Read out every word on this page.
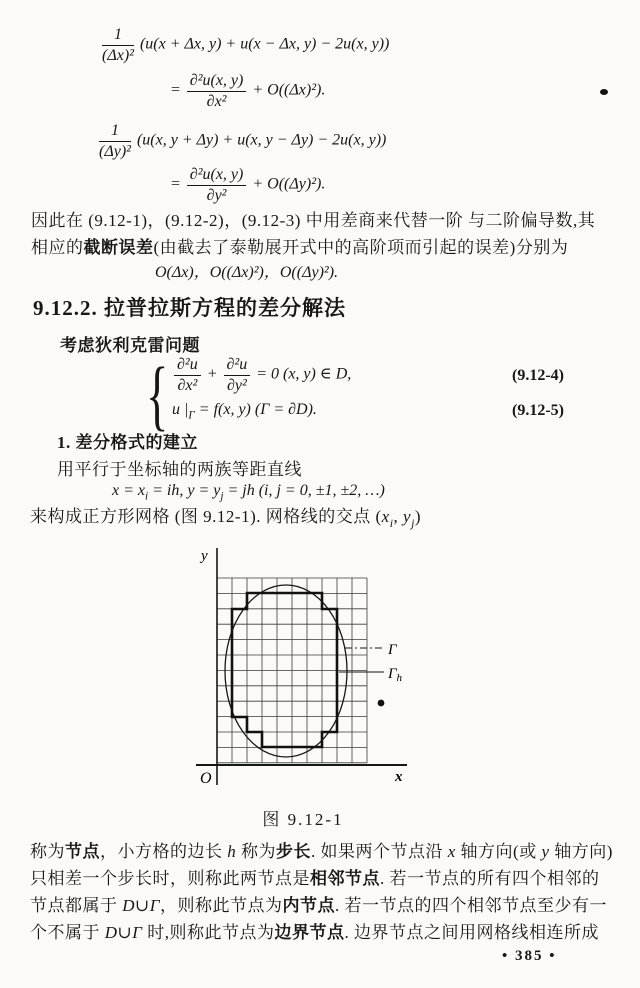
$\frac{1}{\text{(Δx)²}} (u(x + \Delta x$, y) + u(x − Δx, y) − 2u(x, y))
= $\frac{\text{∂²u(x, y)}}{\text{∂x²}} + O((\Delta x)^2)$.
$\frac{1}{\text{(Δy)²}} (u(x$, y + Δy) + u(x, y − Δy) − 2u(x, y))
= $\frac{\text{∂²u(x, y)}}{\text{∂y²}} + O((\Delta y)^2)$.
因此在 (9.12-1)，(9.12-2)，(9.12-3) 中用差商来代替一阶 与二阶偏导数,其
相应的截断误差(由截去了泰勒展开式中的高阶项而引起的误差)分别为
O(Δx)，O((Δx)²)，O((Δy)²).
9.12.2. 拉普拉斯方程的差分解法
考虑狄利克雷问题
{ $\frac{\text{∂²u}}{\text{∂x²}} + \frac{\text{∂²u}}{\text{∂y²}} = 0$ (x, y) ∈ D,	(9.12-4)
u $|_\Gamma = f(x$, y) (Γ = ∂D).	(9.12-5)
1. 差分格式的建立
用平行于坐标轴的两族等距直线
$x = x_i$ = ih, $y = y_j$ = jh (i, j = 0, ±1, ±2, …)
来构成正方形网格 (图 9.12-1). 网格线的交点 ($x_i$, $y_j$)
y
x
O
Γ
$\Gamma_h$
图 9.12-1
称为节点，小方格的边长 h 称为步长. 如果两个节点沿 x 轴方向(或 y 轴方向)
只相差一个步长时，则称此两节点是相邻节点. 若一节点的所有四个相邻的
节点都属于 D∪Γ，则称此节点为内节点. 若一节点的四个相邻节点至少有一
个不属于 D∪Γ 时,则称此节点为边界节点. 边界节点之间用网格线相连所成
• 385 •
